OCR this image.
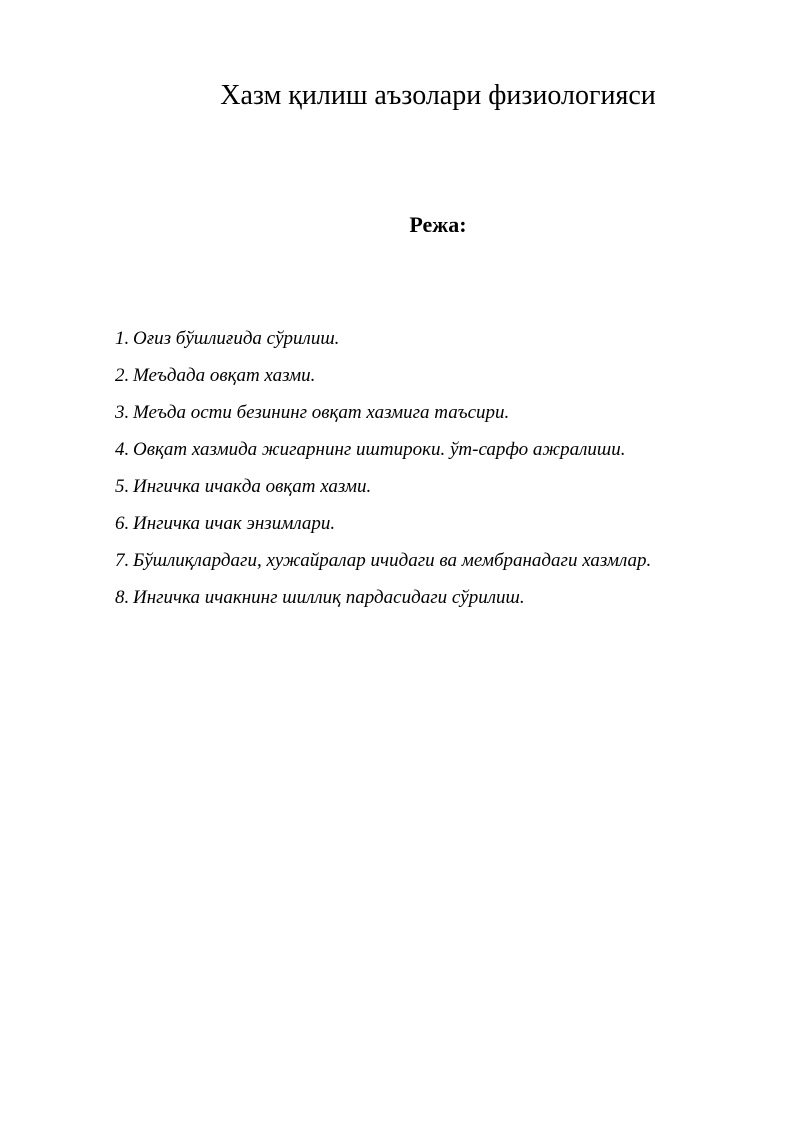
Хазм қилиш аъзолари физиологияси
Режа:
1. Оғиз бўшлиғида сўрилиш.
2. Меъдада овқат хазми.
3. Меъда ости безининг овқат хазмига таъсири.
4. Овқат хазмида жигарнинг иштироки. ўт-сарфо ажралиши.
5. Ингичка ичакда овқат хазми.
6. Ингичка ичак энзимлари.
7. Бўшлиқлардаги, хужайралар ичидаги ва мембранадаги хазмлар.
8. Ингичка ичакнинг шиллиқ пардасидаги сўрилиш.
